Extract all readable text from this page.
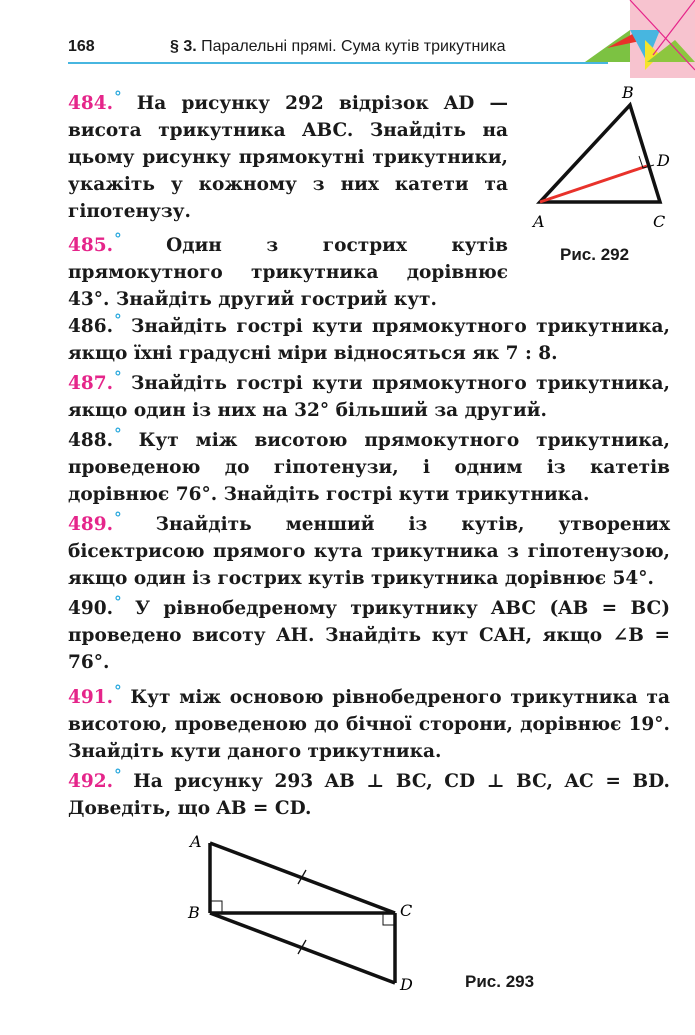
168	§ 3. Паралельні прямі. Сума кутів трикутника

484.° На рисунку 292 відрізок AD — висота трикутника ABC. Знайдіть на цьому рисунку прямокутні трикутники, укажіть у кожному з них катети та гіпотенузу.

485.° Один з гострих кутів прямокутного трикутника дорівнює 43°. Знайдіть другий гострий кут.

486.° Знайдіть гострі кути прямокутного трикутника, якщо їхні градусні міри відносяться як 7 : 8.

487.° Знайдіть гострі кути прямокутного трикутника, якщо один із них на 32° більший за другий.

488.° Кут між висотою прямокутного трикутника, проведеною до гіпотенузи, і одним із катетів дорівнює 76°. Знайдіть гострі кути трикутника.

489.° Знайдіть менший із кутів, утворених бісектрисою прямого кута трикутника з гіпотенузою, якщо один із гострих кутів трикутника дорівнює 54°.

490.° У рівнобедреному трикутнику ABC (AB = BC) проведено висоту AH. Знайдіть кут CAH, якщо ∠B = 76°.

491.° Кут між основою рівнобедреного трикутника та висотою, проведеною до бічної сторони, дорівнює 19°. Знайдіть кути даного трикутника.

492.° На рисунку 293 AB ⊥ BC, CD ⊥ BC, AC = BD. Доведіть, що AB = CD.

B
D
A	C
Рис. 292
A
B	C
D	Рис. 293
